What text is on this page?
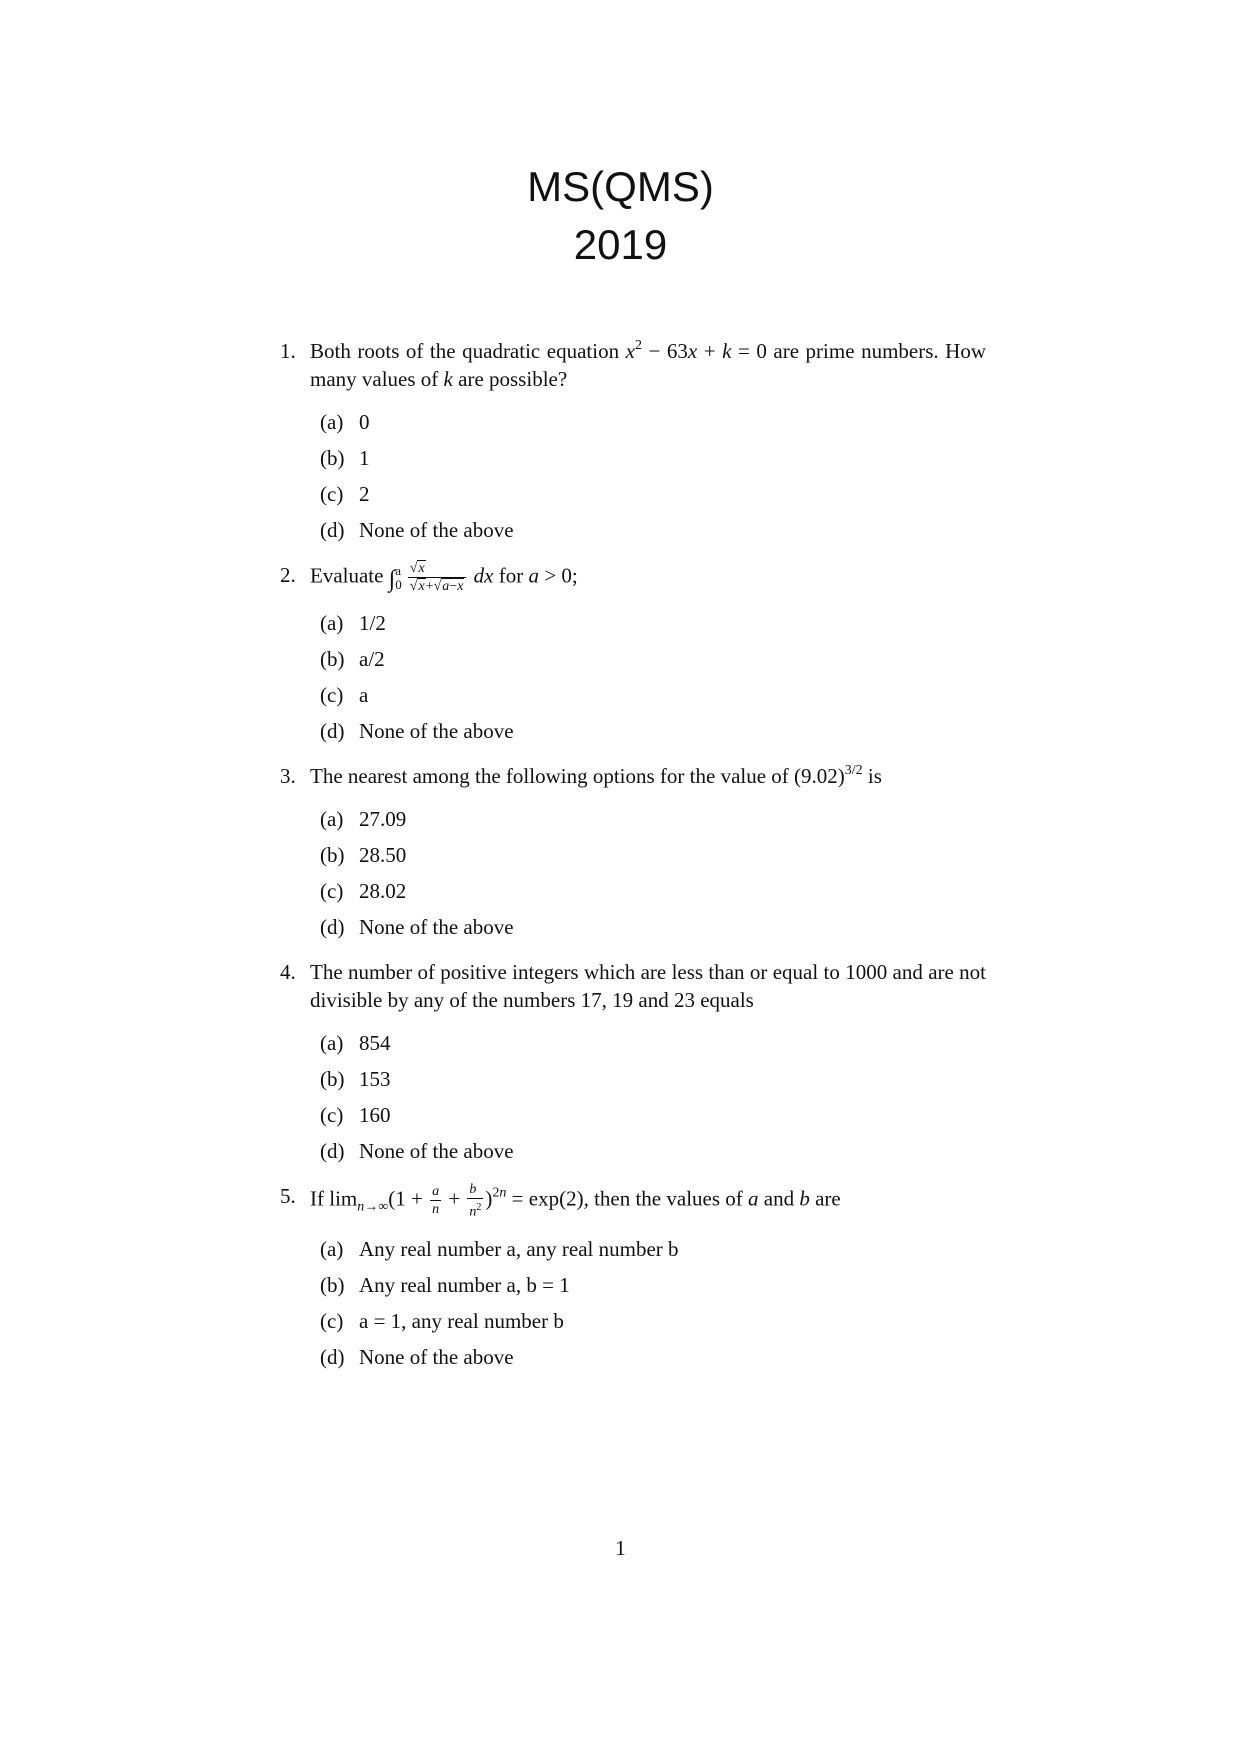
MS(QMS)
2019
1. Both roots of the quadratic equation $x^2 - 63x + k = 0$ are prime numbers. How many values of k are possible?
(a) 0
(b) 1
(c) 2
(d) None of the above
2. Evaluate ∫ a
$0 \frac{√x}{√x+√a-x}$ dx for a > 0;
(a) 1/2
(b) a/2
(c) a
(d) None of the above
3. The nearest among the following options for the value of $(9.02)^{3/2}$ is
(a) 27.09
(b) 28.50
(c) 28.02
(d) None of the above
4. The number of positive integers which are less than or equal to 1000 and are not divisible by any of the numbers 17, 19 and 23 equals
(a) 854
(b) 153
(c) 160
(d) None of the above
5. If $\lim_{n\to\infty}(1 + \frac{a}{n} + \frac{b}{n^2} )^{2n} = \exp(2)$, then the values of a and b are
(a) Any real number a, any real number b
(b) Any real number a, b = 1
(c) a = 1, any real number b
(d) None of the above
1
